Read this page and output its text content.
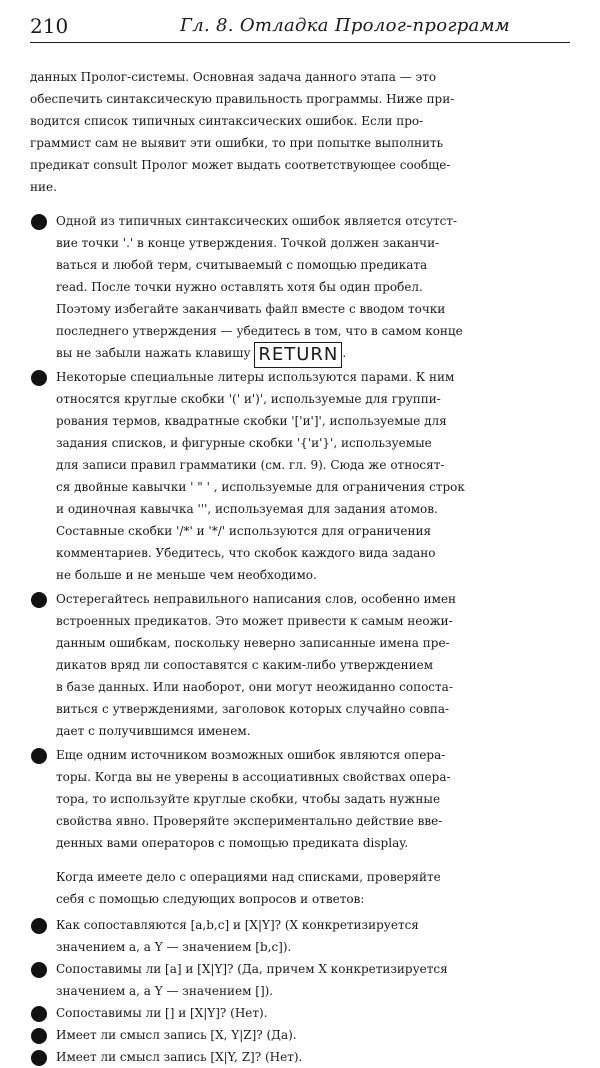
210	Гл. 8. Отладка Пролог-программ
данных Пролог-системы. Основная задача данного этапа — это
обеспечить синтаксическую правильность программы. Ниже при-
водится список типичных синтаксических ошибок. Если про-
граммист сам не выявит эти ошибки, то при попытке выполнить
предикат consult Пролог может выдать соответствующее сообще-
ние.
Одной из типичных синтаксических ошибок является отсутст-
вие точки '.' в конце утверждения. Точкой должен заканчи-
ваться и любой терм, считываемый с помощью предиката
read. После точки нужно оставлять хотя бы один пробел.
Поэтому избегайте заканчивать файл вместе с вводом точки
последнего утверждения — убедитесь в том, что в самом конце
вы не забыли нажать клавишу RETURN .
Некоторые специальные литеры используются парами. К ним
относятся круглые скобки '(' и')', используемые для группи-
рования термов, квадратные скобки '['и']', используемые для
задания списков, и фигурные скобки '{'и'}', используемые
для записи правил грамматики (см. гл. 9). Сюда же относят-
ся двойные кавычки ' " ' , используемые для ограничения строк
и одиночная кавычка ''', используемая для задания атомов.
Составные скобки '/*' и '*/' используются для ограничения
комментариев. Убедитесь, что скобок каждого вида задано
не больше и не меньше чем необходимо.
Остерегайтесь неправильного написания слов, особенно имен
встроенных предикатов. Это может привести к самым неожи-
данным ошибкам, поскольку неверно записанные имена пре-
дикатов вряд ли сопоставятся с каким-либо утверждением
в базе данных. Или наоборот, они могут неожиданно сопоста-
виться с утверждениями, заголовок которых случайно совпа-
дает с получившимся именем.
Еще одним источником возможных ошибок являются опера-
торы. Когда вы не уверены в ассоциативных свойствах опера-
тора, то используйте круглые скобки, чтобы задать нужные
свойства явно. Проверяйте экспериментально действие вве-
денных вами операторов с помощью предиката display.
Когда имеете дело с операциями над списками, проверяйте
себя с помощью следующих вопросов и ответов:
Как сопоставляются [a,b,c] и [X|Y]? (X конкретизируется
значением a, а Y — значением [b,c]).
Сопоставимы ли [a] и [X|Y]? (Да, причем X конкретизируется
значением a, а Y — значением []).
Сопоставимы ли [] и [X|Y]? (Нет).
Имеет ли смысл запись [X, Y|Z]? (Да).
Имеет ли смысл запись [X|Y, Z]? (Нет).
